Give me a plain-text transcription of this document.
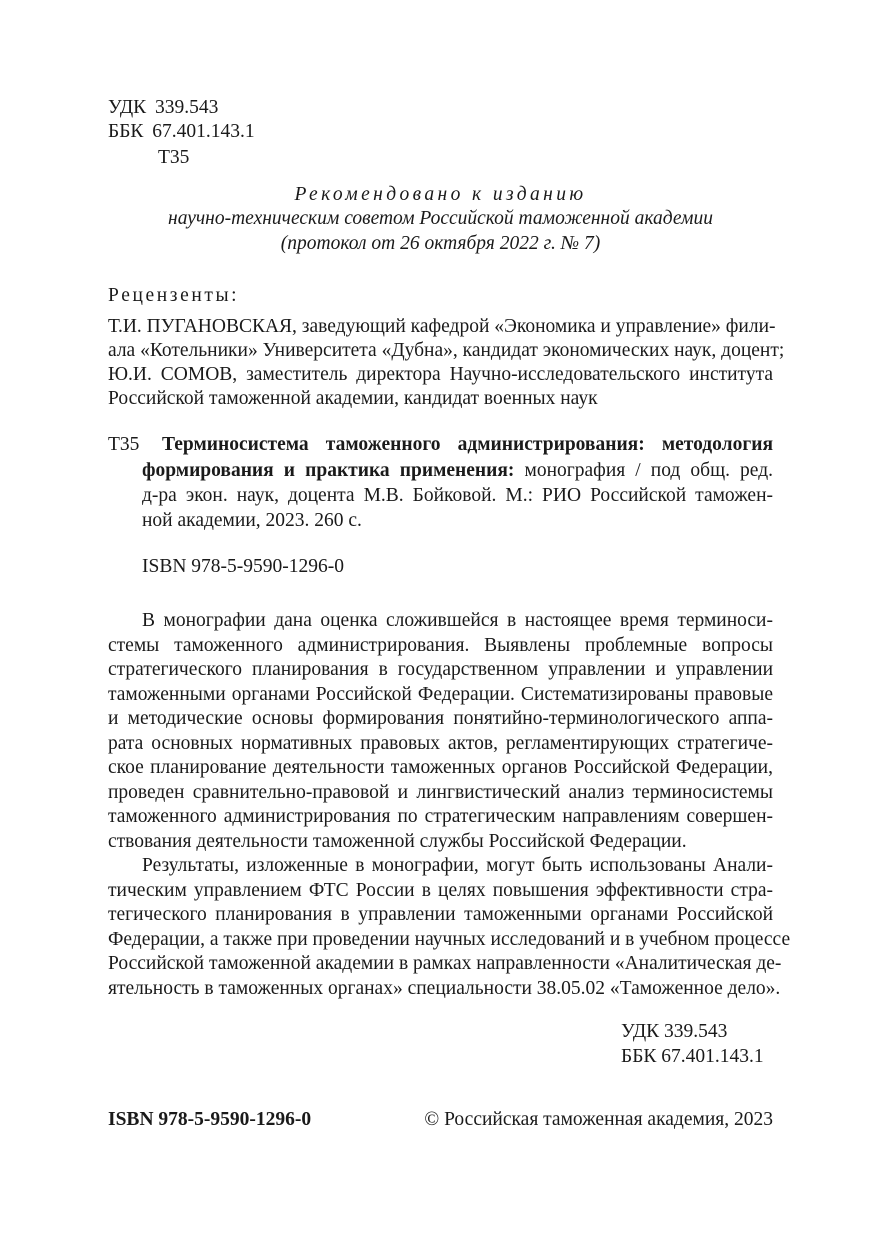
УДК 339.543
ББК 67.401.143.1
Т35
Рекомендовано к изданию
научно-техническим советом Российской таможенной академии
(протокол от 26 октября 2022 г. № 7)
Рецензенты:
Т.И. ПУГАНОВСКАЯ, заведующий кафедрой «Экономика и управление» фили-
ала «Котельники» Университета «Дубна», кандидат экономических наук, доцент;
Ю.И. СОМОВ, заместитель директора Научно-исследовательского института
Российской таможенной академии, кандидат военных наук
Т35 Терминосистема таможенного администрирования: методология
формирования и практика применения: монография / под общ. ред.
д-ра экон. наук, доцента М.В. Бойковой. М.: РИО Российской таможен-
ной академии, 2023. 260 с.
ISBN 978-5-9590-1296-0
В монографии дана оценка сложившейся в настоящее время терминоси-
стемы таможенного администрирования. Выявлены проблемные вопросы
стратегического планирования в государственном управлении и управлении
таможенными органами Российской Федерации. Систематизированы правовые
и методические основы формирования понятийно-терминологического аппа-
рата основных нормативных правовых актов, регламентирующих стратегиче-
ское планирование деятельности таможенных органов Российской Федерации,
проведен сравнительно-правовой и лингвистический анализ терминосистемы
таможенного администрирования по стратегическим направлениям совершен-
ствования деятельности таможенной службы Российской Федерации.
Результаты, изложенные в монографии, могут быть использованы Анали-
тическим управлением ФТС России в целях повышения эффективности стра-
тегического планирования в управлении таможенными органами Российской
Федерации, а также при проведении научных исследований и в учебном процессе
Российской таможенной академии в рамках направленности «Аналитическая де-
ятельность в таможенных органах» специальности 38.05.02 «Таможенное дело».
УДК 339.543
ББК 67.401.143.1
ISBN 978-5-9590-1296-0	© Российская таможенная академия, 2023
